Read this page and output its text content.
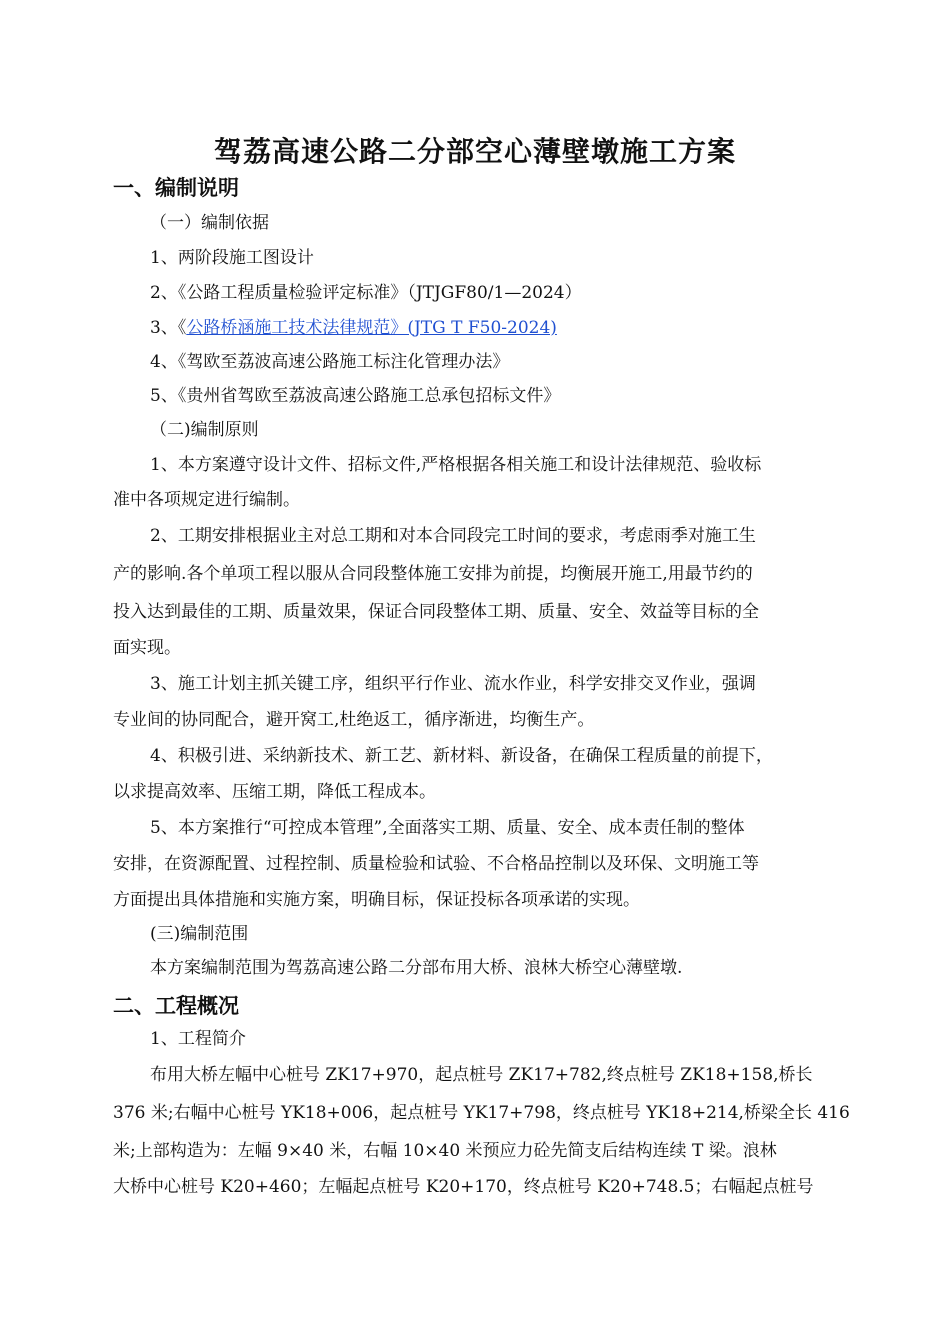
驾荔高速公路二分部空心薄壁墩施工方案
一、编制说明
（一）编制依据
1、两阶段施工图设计
2、《公路工程质量检验评定标准》（JTJGF80/1—2024）
3、《公路桥涵施工技术法律规范》(JTG T F50-2024)
4、《驾欧至荔波高速公路施工标注化管理办法》
5、《贵州省驾欧至荔波高速公路施工总承包招标文件》
（二)编制原则
1、本方案遵守设计文件、招标文件,严格根据各相关施工和设计法律规范、验收标
准中各项规定进行编制。
2、工期安排根据业主对总工期和对本合同段完工时间的要求，考虑雨季对施工生
产的影响.各个单项工程以服从合同段整体施工安排为前提，均衡展开施工,用最节约的
投入达到最佳的工期、质量效果，保证合同段整体工期、质量、安全、效益等目标的全
面实现。
3、施工计划主抓关键工序，组织平行作业、流水作业，科学安排交叉作业，强调
专业间的协同配合，避开窝工,杜绝返工，循序渐进，均衡生产。
4、积极引进、采纳新技术、新工艺、新材料、新设备，在确保工程质量的前提下，
以求提高效率、压缩工期，降低工程成本。
5、本方案推行“可控成本管理”,全面落实工期、质量、安全、成本责任制的整体
安排，在资源配置、过程控制、质量检验和试验、不合格品控制以及环保、文明施工等
方面提出具体措施和实施方案，明确目标，保证投标各项承诺的实现。
(三)编制范围
本方案编制范围为驾荔高速公路二分部布用大桥、浪林大桥空心薄壁墩.
二、工程概况
1、工程简介
布用大桥左幅中心桩号 ZK17+970，起点桩号 ZK17+782,终点桩号 ZK18+158,桥长
376 米;右幅中心桩号 YK18+006，起点桩号 YK17+798，终点桩号 YK18+214,桥梁全长 416
米;上部构造为：左幅 9×40 米，右幅 10×40 米预应力砼先简支后结构连续 T 梁。浪林
大桥中心桩号 K20+460；左幅起点桩号 K20+170，终点桩号 K20+748.5；右幅起点桩号
